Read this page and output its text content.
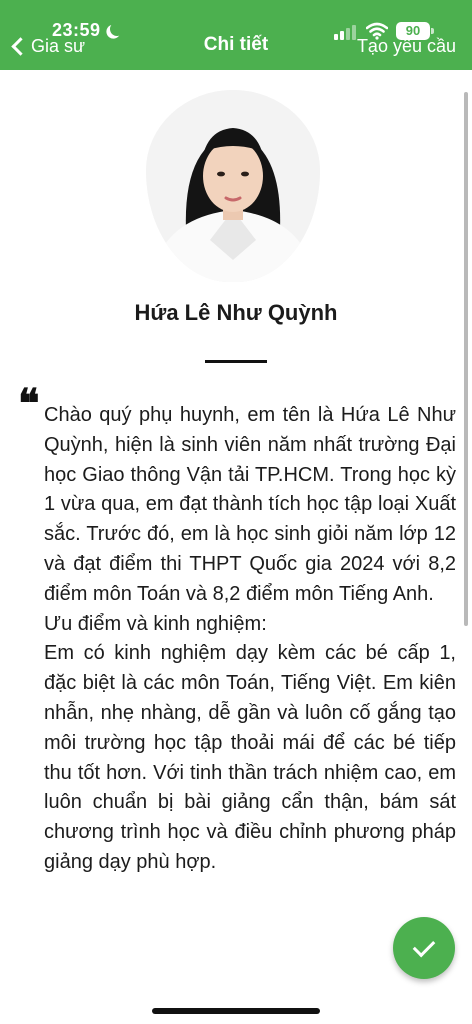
23:59	90
Gia sư	Chi tiết	Tạo yêu cầu
Hứa Lê Như Quỳnh
❝ Chào quý phụ huynh, em tên là Hứa Lê Như Quỳnh, hiện là sinh viên năm nhất trường Đại học Giao thông Vận tải TP.HCM. Trong học kỳ 1 vừa qua, em đạt thành tích học tập loại Xuất sắc. Trước đó, em là học sinh giỏi năm lớp 12 và đạt điểm thi THPT Quốc gia 2024 với 8,2 điểm môn Toán và 8,2 điểm môn Tiếng Anh.

Ưu điểm và kinh nghiệm:

Em có kinh nghiệm dạy kèm các bé cấp 1, đặc biệt là các môn Toán, Tiếng Việt. Em kiên nhẫn, nhẹ nhàng, dễ gần và luôn cố gắng tạo môi trường học tập thoải mái để các bé tiếp thu tốt hơn. Với tinh thần trách nhiệm cao, em luôn chuẩn bị bài giảng cẩn thận, bám sát chương trình học và điều chỉnh phương pháp giảng dạy phù hợp.
